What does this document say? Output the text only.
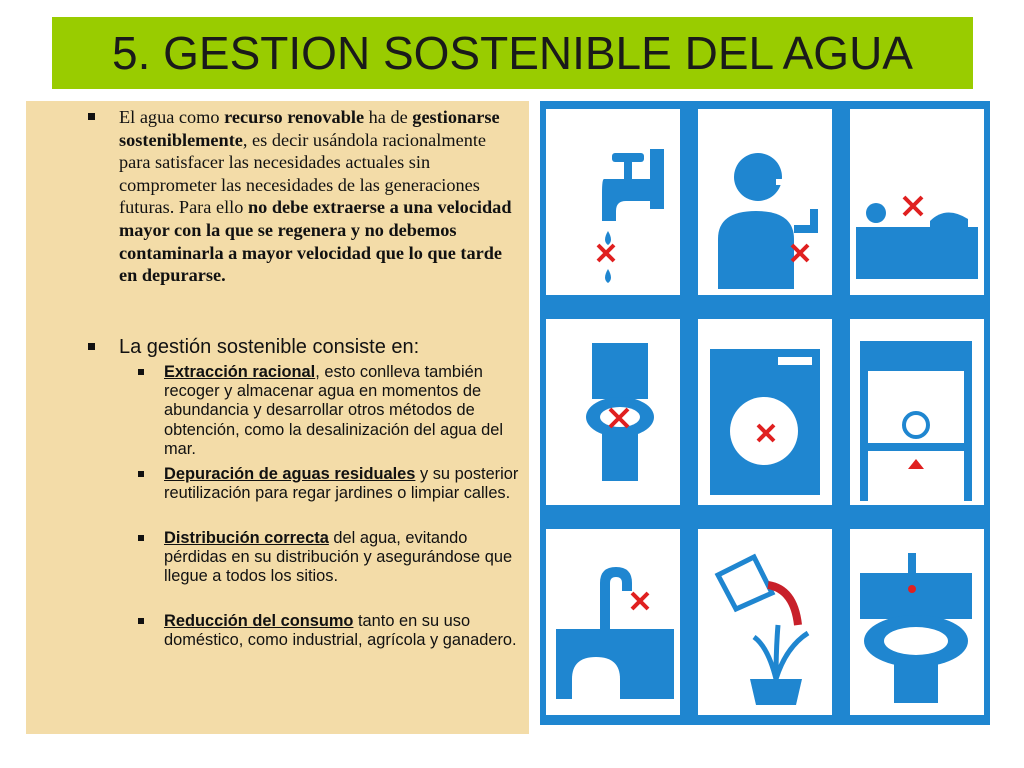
5. GESTION SOSTENIBLE DEL AGUA
El agua como recurso renovable ha de gestionarse sosteniblemente, es decir usándola racionalmente para satisfacer las necesidades actuales sin comprometer las necesidades de las generaciones futuras. Para ello no debe extraerse a una velocidad mayor con la que se regenera y no debemos contaminarla a mayor velocidad que lo que tarde en depurarse.
La gestión sostenible consiste en:
Extracción racional, esto conlleva también recoger y almacenar agua en momentos de abundancia y desarrollar otros métodos de obtención, como la desalinización del agua del mar.
Depuración de aguas residuales y su posterior reutilización para regar jardines o limpiar calles.
Distribución correcta del agua, evitando pérdidas en su distribución y asegurándose que llegue a todos los sitios.
Reducción del consumo tanto en su uso doméstico, como industrial, agrícola y ganadero.
